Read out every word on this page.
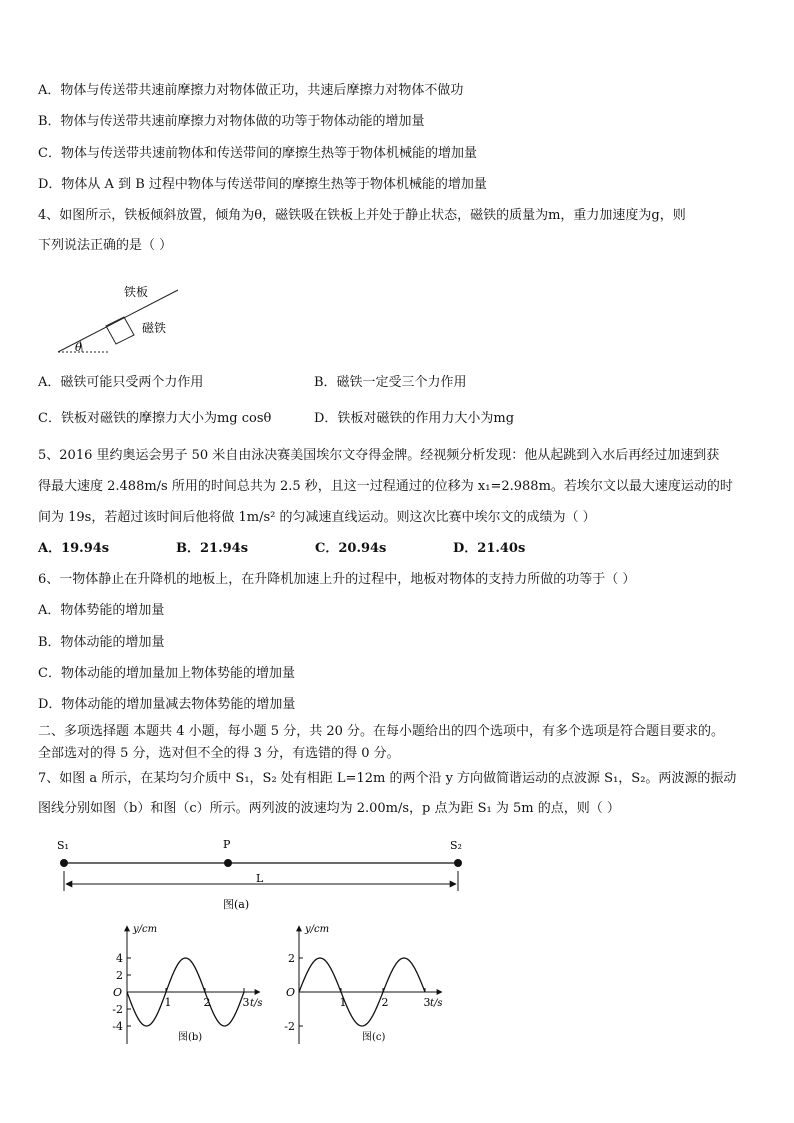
A．物体与传送带共速前摩擦力对物体做正功，共速后摩擦力对物体不做功
B．物体与传送带共速前摩擦力对物体做的功等于物体动能的增加量
C．物体与传送带共速前物体和传送带间的摩擦生热等于物体机械能的增加量
D．物体从 A 到 B 过程中物体与传送带间的摩擦生热等于物体机械能的增加量
4、如图所示，铁板倾斜放置，倾角为θ，磁铁吸在铁板上并处于静止状态，磁铁的质量为m，重力加速度为g，则
下列说法正确的是（ ）
铁板
磁铁
θ
A．磁铁可能只受两个力作用	B．磁铁一定受三个力作用
C．铁板对磁铁的摩擦力大小为mg cosθ	D．铁板对磁铁的作用力大小为mg
5、2016 里约奥运会男子 50 米自由泳决赛美国埃尔文夺得金牌。经视频分析发现：他从起跳到入水后再经过加速到获
得最大速度 2.488m/s 所用的时间总共为 2.5 秒，且这一过程通过的位移为 x₁=2.988m。若埃尔文以最大速度运动的时
间为 19s，若超过该时间后他将做 1m/s² 的匀减速直线运动。则这次比赛中埃尔文的成绩为（ ）
A．19.94s	B．21.94s	C．20.94s	D．21.40s
6、一物体静止在升降机的地板上，在升降机加速上升的过程中，地板对物体的支持力所做的功等于（ ）
A．物体势能的增加量
B．物体动能的增加量
C．物体动能的增加量加上物体势能的增加量
D．物体动能的增加量减去物体势能的增加量
二、多项选择题 本题共 4 小题，每小题 5 分，共 20 分。在每小题给出的四个选项中，有多个选项是符合题目要求的。
全部选对的得 5 分，选对但不全的得 3 分，有选错的得 0 分。
7、如图 a 所示，在某均匀介质中 S₁，S₂ 处有相距 L=12m 的两个沿 y 方向做简谐运动的点波源 S₁，S₂。两波源的振动
图线分别如图（b）和图（c）所示。两列波的波速均为 2.00m/s，p 点为距 S₁ 为 5m 的点，则（ ）
S₁	P	S₂
L
图(a)
y/cm
t/s
O
4
2
-2
-4
1	2	3
图(b)
y/cm
t/s
O
2
-2
1	2	3
图(c)
